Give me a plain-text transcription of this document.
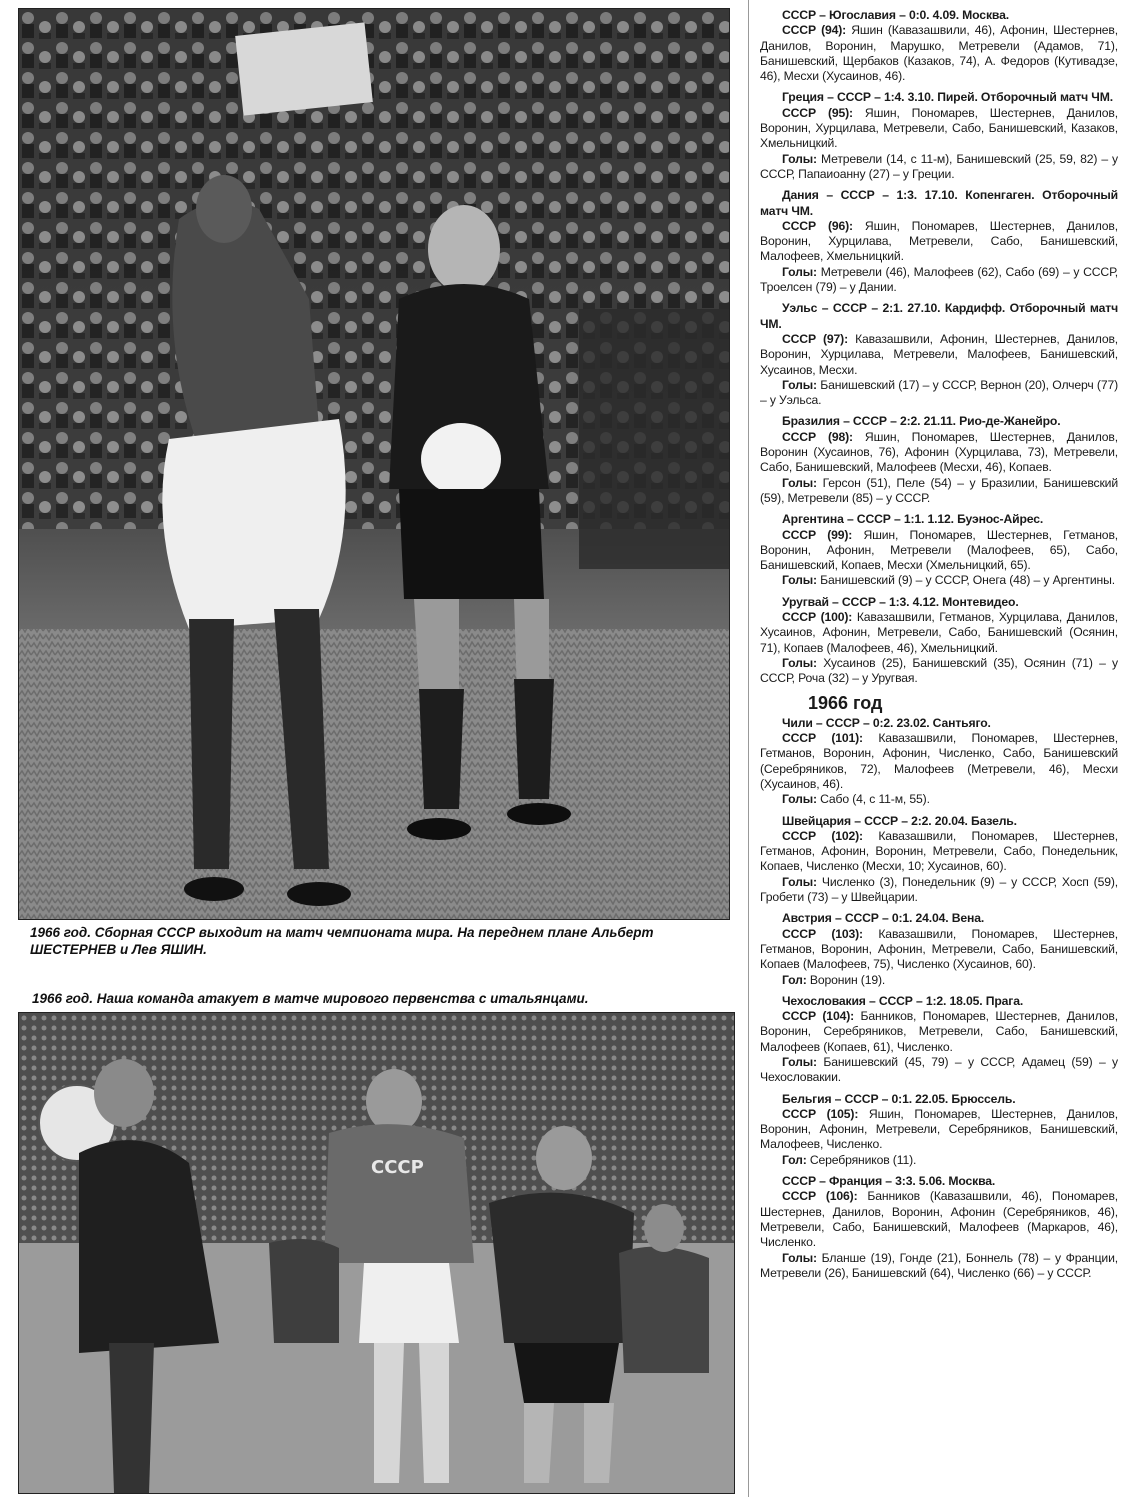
1966 год. Сборная СССР выходит на матч чемпионата мира. На переднем плане Альберт ШЕСТЕРНЕВ и Лев ЯШИН.
1966 год. Наша команда атакует в матче мирового первенства с итальянцами.
СССР

СССР – Югославия – 0:0. 4.09. Москва.

СССР (94): Яшин (Кавазашвили, 46), Афонин, Шестернев, Данилов, Воронин, Марушко, Метревели (Адамов, 71), Банишевский, Щербаков (Казаков, 74), А. Федоров (Кутивадзе, 46), Месхи (Хусаинов, 46).

Греция – СССР – 1:4. 3.10. Пирей. Отборочный матч ЧМ.

СССР (95): Яшин, Пономарев, Шестернев, Данилов, Воронин, Хурцилава, Метревели, Сабо, Банишевский, Казаков, Хмельницкий.

Голы: Метревели (14, с 11-м), Банишевский (25, 59, 82) – у СССР, Папаиоанну (27) – у Греции.

Дания – СССР – 1:3. 17.10. Копенгаген. Отборочный матч ЧМ.

СССР (96): Яшин, Пономарев, Шестернев, Данилов, Воронин, Хурцилава, Метревели, Сабо, Банишевский, Малофеев, Хмельницкий.

Голы: Метревели (46), Малофеев (62), Сабо (69) – у СССР, Троелсен (79) – у Дании.

Уэльс – СССР – 2:1. 27.10. Кардифф. Отборочный матч ЧМ.

СССР (97): Кавазашвили, Афонин, Шестернев, Данилов, Воронин, Хурцилава, Метревели, Малофеев, Банишевский, Хусаинов, Месхи.

Голы: Банишевский (17) – у СССР, Вернон (20), Олчерч (77) – у Уэльса.

Бразилия – СССР – 2:2. 21.11. Рио-де-Жанейро.

СССР (98): Яшин, Пономарев, Шестернев, Данилов, Воронин (Хусаинов, 76), Афонин (Хурцилава, 73), Метревели, Сабо, Банишевский, Малофеев (Месхи, 46), Копаев.

Голы: Герсон (51), Пеле (54) – у Бразилии, Банишевский (59), Метревели (85) – у СССР.

Аргентина – СССР – 1:1. 1.12. Буэнос-Айрес.

СССР (99): Яшин, Пономарев, Шестернев, Гетманов, Воронин, Афонин, Метревели (Малофеев, 65), Сабо, Банишевский, Копаев, Месхи (Хмельницкий, 65).

Голы: Банишевский (9) – у СССР, Онега (48) – у Аргентины.

Уругвай – СССР – 1:3. 4.12. Монтевидео.

СССР (100): Кавазашвили, Гетманов, Хурцилава, Данилов, Хусаинов, Афонин, Метревели, Сабо, Банишевский (Осянин, 71), Копаев (Малофеев, 46), Хмельницкий.

Голы: Хусаинов (25), Банишевский (35), Осянин (71) – у СССР, Роча (32) – у Уругвая.

1966 год

Чили – СССР – 0:2. 23.02. Сантьяго.

СССР (101): Кавазашвили, Пономарев, Шестернев, Гетманов, Воронин, Афонин, Численко, Сабо, Банишевский (Серебряников, 72), Малофеев (Метревели, 46), Месхи (Хусаинов, 46).

Голы: Сабо (4, с 11-м, 55).

Швейцария – СССР – 2:2. 20.04. Базель.

СССР (102): Кавазашвили, Пономарев, Шестернев, Гетманов, Афонин, Воронин, Метревели, Сабо, Понедельник, Копаев, Численко (Месхи, 10; Хусаинов, 60).

Голы: Численко (3), Понедельник (9) – у СССР, Хосп (59), Гробети (73) – у Швейцарии.

Австрия – СССР – 0:1. 24.04. Вена.

СССР (103): Кавазашвили, Пономарев, Шестернев, Гетманов, Воронин, Афонин, Метревели, Сабо, Банишевский, Копаев (Малофеев, 75), Численко (Хусаинов, 60).

Гол: Воронин (19).

Чехословакия – СССР – 1:2. 18.05. Прага.

СССР (104): Банников, Пономарев, Шестернев, Данилов, Воронин, Серебряников, Метревели, Сабо, Банишевский, Малофеев (Копаев, 61), Численко.

Голы: Банишевский (45, 79) – у СССР, Адамец (59) – у Чехословакии.

Бельгия – СССР – 0:1. 22.05. Брюссель.

СССР (105): Яшин, Пономарев, Шестернев, Данилов, Воронин, Афонин, Метревели, Серебряников, Банишевский, Малофеев, Численко.

Гол: Серебряников (11).

СССР – Франция – 3:3. 5.06. Москва.

СССР (106): Банников (Кавазашвили, 46), Пономарев, Шестернев, Данилов, Воронин, Афонин (Серебряников, 46), Метревели, Сабо, Банишевский, Малофеев (Маркаров, 46), Численко.

Голы: Бланше (19), Гонде (21), Боннель (78) – у Франции, Метревели (26), Банишевский (64), Численко (66) – у СССР.
